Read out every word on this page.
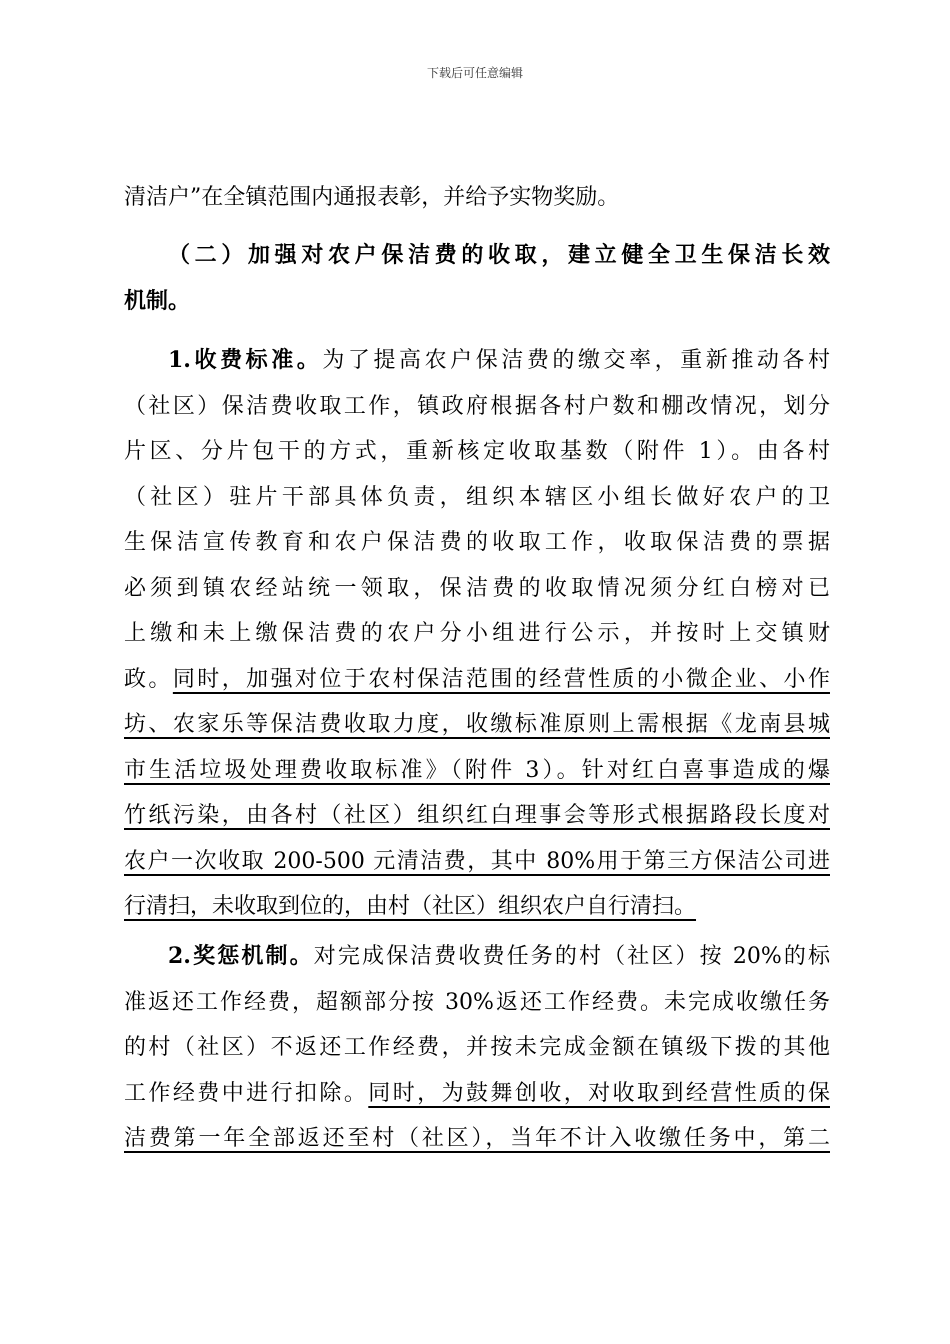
下载后可任意编辑
清洁户”在全镇范围内通报表彰，并给予实物奖励。
（二）加强对农户保洁费的收取，建立健全卫生保洁长效
机制。
1.收费标准。为了提高农户保洁费的缴交率，重新推动各村
（社区）保洁费收取工作，镇政府根据各村户数和棚改情况，划分
片区、分片包干的方式，重新核定收取基数（附件 1）。由各村
（社区）驻片干部具体负责，组织本辖区小组长做好农户的卫
生保洁宣传教育和农户保洁费的收取工作，收取保洁费的票据
必须到镇农经站统一领取，保洁费的收取情况须分红白榜对已
上缴和未上缴保洁费的农户分小组进行公示，并按时上交镇财
政。同时，加强对位于农村保洁范围的经营性质的小微企业、小作
坊、农家乐等保洁费收取力度，收缴标准原则上需根据《龙南县城
市生活垃圾处理费收取标准》（附件 3）。针对红白喜事造成的爆
竹纸污染，由各村（社区）组织红白理事会等形式根据路段长度对
农户一次收取 200-500 元清洁费，其中 80%用于第三方保洁公司进
行清扫，未收取到位的，由村（社区）组织农户自行清扫。
2.奖惩机制。对完成保洁费收费任务的村（社区）按 20%的标
准返还工作经费，超额部分按 30%返还工作经费。未完成收缴任务
的村（社区）不返还工作经费，并按未完成金额在镇级下拨的其他
工作经费中进行扣除。同时，为鼓舞创收，对收取到经营性质的保
洁费第一年全部返还至村（社区），当年不计入收缴任务中，第二
